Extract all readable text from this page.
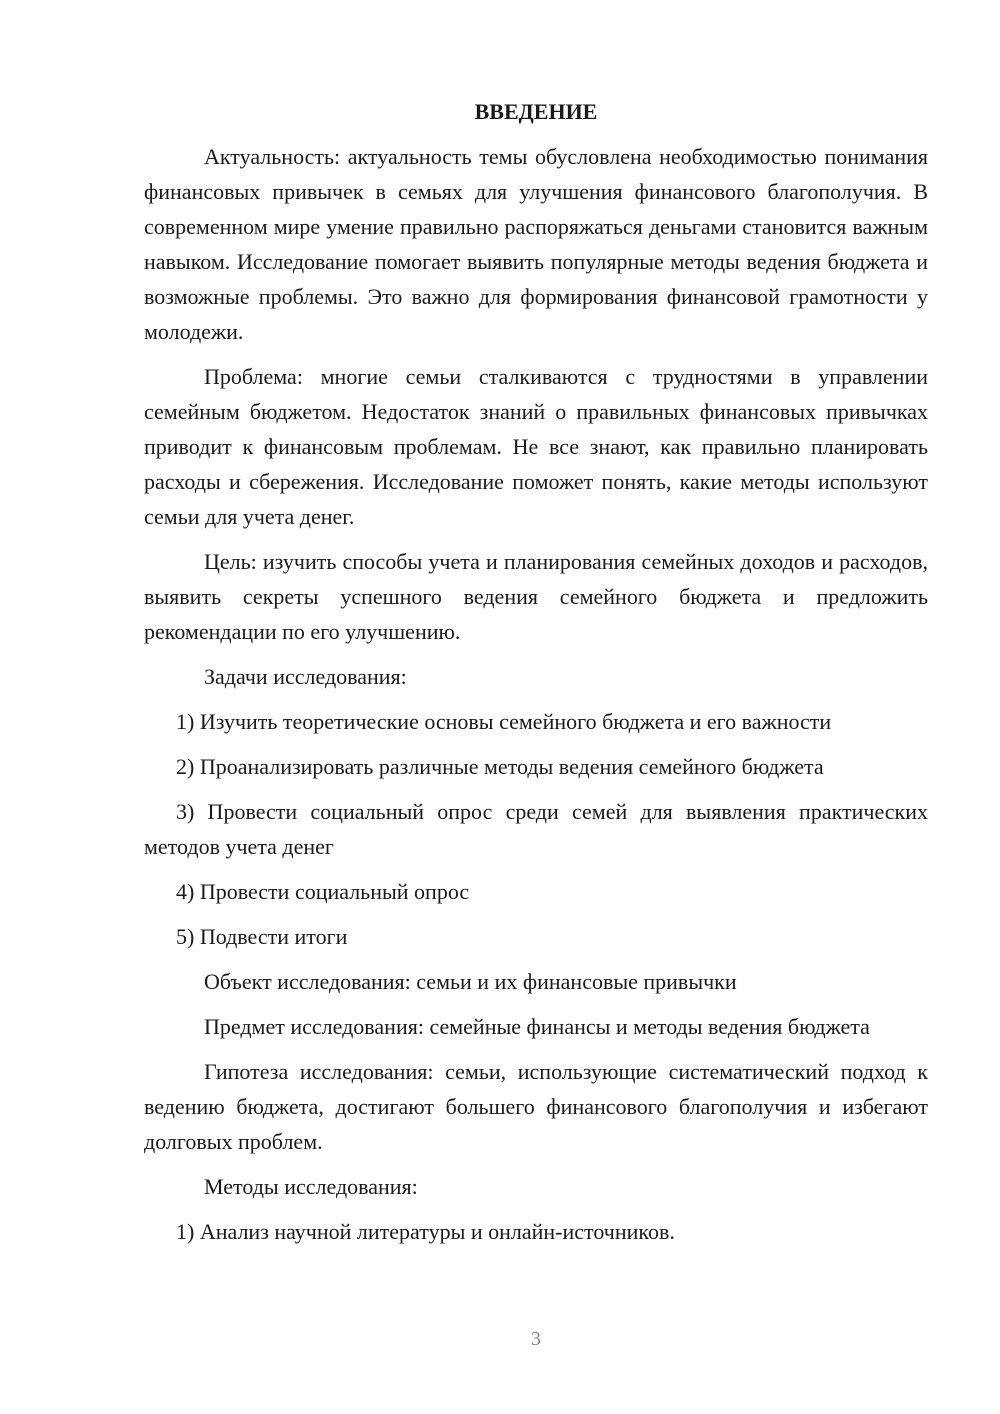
ВВЕДЕНИЕ

Актуальность: актуальность темы обусловлена необходимостью понимания финансовых привычек в семьях для улучшения финансового благополучия. В современном мире умение правильно распоряжаться деньгами становится важным навыком. Исследование помогает выявить популярные методы ведения бюджета и возможные проблемы. Это важно для формирования финансовой грамотности у молодежи.

Проблема: многие семьи сталкиваются с трудностями в управлении семейным бюджетом. Недостаток знаний о правильных финансовых привычках приводит к финансовым проблемам. Не все знают, как правильно планировать расходы и сбережения. Исследование поможет понять, какие методы используют семьи для учета денег.

Цель: изучить способы учета и планирования семейных доходов и расходов, выявить секреты успешного ведения семейного бюджета и предложить рекомендации по его улучшению.

Задачи исследования:

1) Изучить теоретические основы семейного бюджета и его важности

2) Проанализировать различные методы ведения семейного бюджета

3) Провести социальный опрос среди семей для выявления практических методов учета денег

4) Провести социальный опрос

5) Подвести итоги

Объект исследования: семьи и их финансовые привычки

Предмет исследования: семейные финансы и методы ведения бюджета

Гипотеза исследования: семьи, использующие систематический подход к ведению бюджета, достигают большего финансового благополучия и избегают долговых проблем.

Методы исследования:

1) Анализ научной литературы и онлайн-источников.

3
